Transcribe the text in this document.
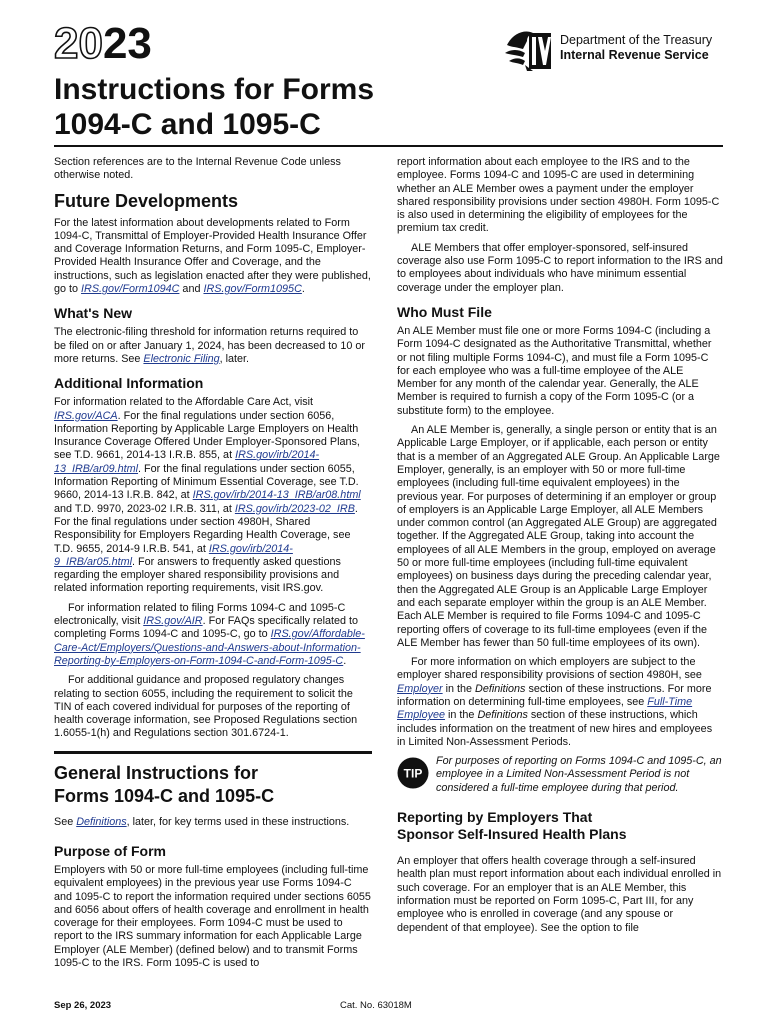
2023	Department of the Treasury
Internal Revenue Service
Instructions for Forms
1094-C and 1095-C

Section references are to the Internal Revenue Code unless otherwise noted.

Future Developments

For the latest information about developments related to Form 1094-C, Transmittal of Employer-Provided Health Insurance Offer and Coverage Information Returns, and Form 1095-C, Employer-Provided Health Insurance Offer and Coverage, and the instructions, such as legislation enacted after they were published, go to IRS.gov/Form1094C and IRS.gov/Form1095C.

What's New

The electronic-filing threshold for information returns required to be filed on or after January 1, 2024, has been decreased to 10 or more returns. See Electronic Filing, later.

Additional Information

For information related to the Affordable Care Act, visit IRS.gov/ACA. For the final regulations under section 6056, Information Reporting by Applicable Large Employers on Health Insurance Coverage Offered Under Employer-Sponsored Plans, see T.D. 9661, 2014-13 I.R.B. 855, at IRS.gov/irb/2014-13_IRB/ar09.html. For the final regulations under section 6055, Information Reporting of Minimum Essential Coverage, see T.D. 9660, 2014-13 I.R.B. 842, at IRS.gov/irb/2014-13_IRB/ar08.html and T.D. 9970, 2023-02 I.R.B. 311, at IRS.gov/irb/2023-02_IRB. For the final regulations under section 4980H, Shared Responsibility for Employers Regarding Health Coverage, see T.D. 9655, 2014-9 I.R.B. 541, at IRS.gov/irb/2014-9_IRB/ar05.html. For answers to frequently asked questions regarding the employer shared responsibility provisions and related information reporting requirements, visit IRS.gov.

For information related to filing Forms 1094-C and 1095-C electronically, visit IRS.gov/AIR. For FAQs specifically related to completing Forms 1094-C and 1095-C, go to IRS.gov/Affordable-Care-Act/Employers/Questions-and-Answers-about-Information-Reporting-by-Employers-on-Form-1094-C-and-Form-1095-C.

For additional guidance and proposed regulatory changes relating to section 6055, including the requirement to solicit the TIN of each covered individual for purposes of the reporting of health coverage information, see Proposed Regulations section 1.6055-1(h) and Regulations section 301.6724-1.

General Instructions for
Forms 1094-C and 1095-C

See Definitions, later, for key terms used in these instructions.

Purpose of Form

Employers with 50 or more full-time employees (including full-time equivalent employees) in the previous year use Forms 1094-C and 1095-C to report the information required under sections 6055 and 6056 about offers of health coverage and enrollment in health coverage for their employees. Form 1094-C must be used to report to the IRS summary information for each Applicable Large Employer (ALE Member) (defined below) and to transmit Forms 1095-C to the IRS. Form 1095-C is used to

report information about each employee to the IRS and to the employee. Forms 1094-C and 1095-C are used in determining whether an ALE Member owes a payment under the employer shared responsibility provisions under section 4980H. Form 1095-C is also used in determining the eligibility of employees for the premium tax credit.

ALE Members that offer employer-sponsored, self-insured coverage also use Form 1095-C to report information to the IRS and to employees about individuals who have minimum essential coverage under the employer plan.

Who Must File

An ALE Member must file one or more Forms 1094-C (including a Form 1094-C designated as the Authoritative Transmittal, whether or not filing multiple Forms 1094-C), and must file a Form 1095-C for each employee who was a full-time employee of the ALE Member for any month of the calendar year. Generally, the ALE Member is required to furnish a copy of the Form 1095-C (or a substitute form) to the employee.

An ALE Member is, generally, a single person or entity that is an Applicable Large Employer, or if applicable, each person or entity that is a member of an Aggregated ALE Group. An Applicable Large Employer, generally, is an employer with 50 or more full-time employees (including full-time equivalent employees) in the previous year. For purposes of determining if an employer or group of employers is an Applicable Large Employer, all ALE Members under common control (an Aggregated ALE Group) are aggregated together. If the Aggregated ALE Group, taking into account the employees of all ALE Members in the group, employed on average 50 or more full-time employees (including full-time equivalent employees) on business days during the preceding calendar year, then the Aggregated ALE Group is an Applicable Large Employer and each separate employer within the group is an ALE Member. Each ALE Member is required to file Forms 1094-C and 1095-C reporting offers of coverage to its full-time employees (even if the ALE Member has fewer than 50 full-time employees of its own).

For more information on which employers are subject to the employer shared responsibility provisions of section 4980H, see Employer in the Definitions section of these instructions. For more information on determining full-time employees, see Full-Time Employee in the Definitions section of these instructions, which includes information on the treatment of new hires and employees in Limited Non-Assessment Periods.

TIP
For purposes of reporting on Forms 1094-C and 1095-C, an employee in a Limited Non-Assessment Period is not considered a full-time employee during that period.
Reporting by Employers That
Sponsor Self-Insured Health Plans

An employer that offers health coverage through a self-insured health plan must report information about each individual enrolled in such coverage. For an employer that is an ALE Member, this information must be reported on Form 1095-C, Part III, for any employee who is enrolled in coverage (and any spouse or dependent of that employee). See the option to file

Sep 26, 2023	Cat. No. 63018M
